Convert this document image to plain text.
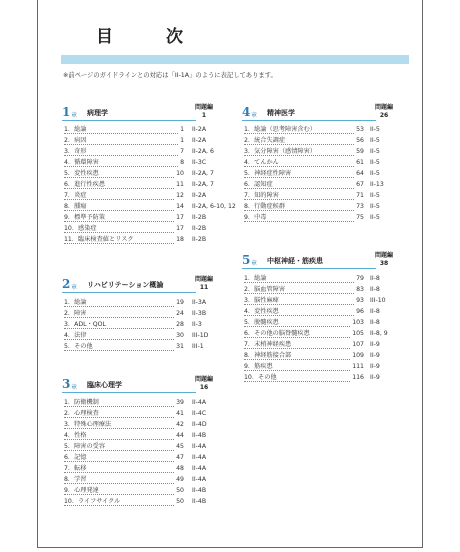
目　次
※前ページのガイドラインとの対応は「II-1A」のように表記してあります。
1 章 病理学
問題編
1
1．総論	1 II-2A
2．病因	1 II-2A
3．奇形	7 II-2A, 6
4．循環障害	8 II-3C
5．変性疾患	10 II-2A, 7
6．進行性疾患	11 II-2A, 7
7．炎症	12 II-2A
8．腫瘍	14 II-2A, 6-10, 12
9．標準予防策	17 II-2B
10．感染症	17 II-2B
11．臨床検査値とリスク	18 II-2B
2 章 リハビリテーション概論
問題編
11
1．総論	19 II-3A
2．障害	24 II-3B
3．ADL・QOL	28 II-3
4．法律	30 III-1D
5．その他	31 III-1
3 章 臨床心理学
問題編
16
1．防衛機制	39 II-4A
2．心理検査	41 II-4C
3．特殊心理療法	42 II-4D
4．性格	44 II-4B
5．障害の受容	45 II-4A
6．記憶	47 II-4A
7．転移	48 II-4A
8．学習	49 II-4A
9．心理発達	50 II-4B
10．ライフサイクル	50 II-4B
4 章 精神医学
問題編
26
1．総論（思考障害含む）	53 II-5
2．統合失調症	56 II-5
3．気分障害（感情障害）	59 II-5
4．てんかん	61 II-5
5．神経症性障害	64 II-5
6．認知症	67 II-13
7．知的障害	71 II-5
8．行動症候群	73 II-5
9．中毒	75 II-5
5 章 中枢神経・筋疾患
問題編
38
1．総論	79 II-8
2．脳血管障害	83 II-8
3．脳性麻痺	93 III-10
4．変性疾患	96 II-8
5．脱髄疾患	103 II-8
6．その他の脳脊髄疾患	105 II-8, 9
7．末梢神経疾患	107 II-9
8．神経筋接合部	109 II-9
9．筋疾患	111 II-9
10．その他	116 II-9
